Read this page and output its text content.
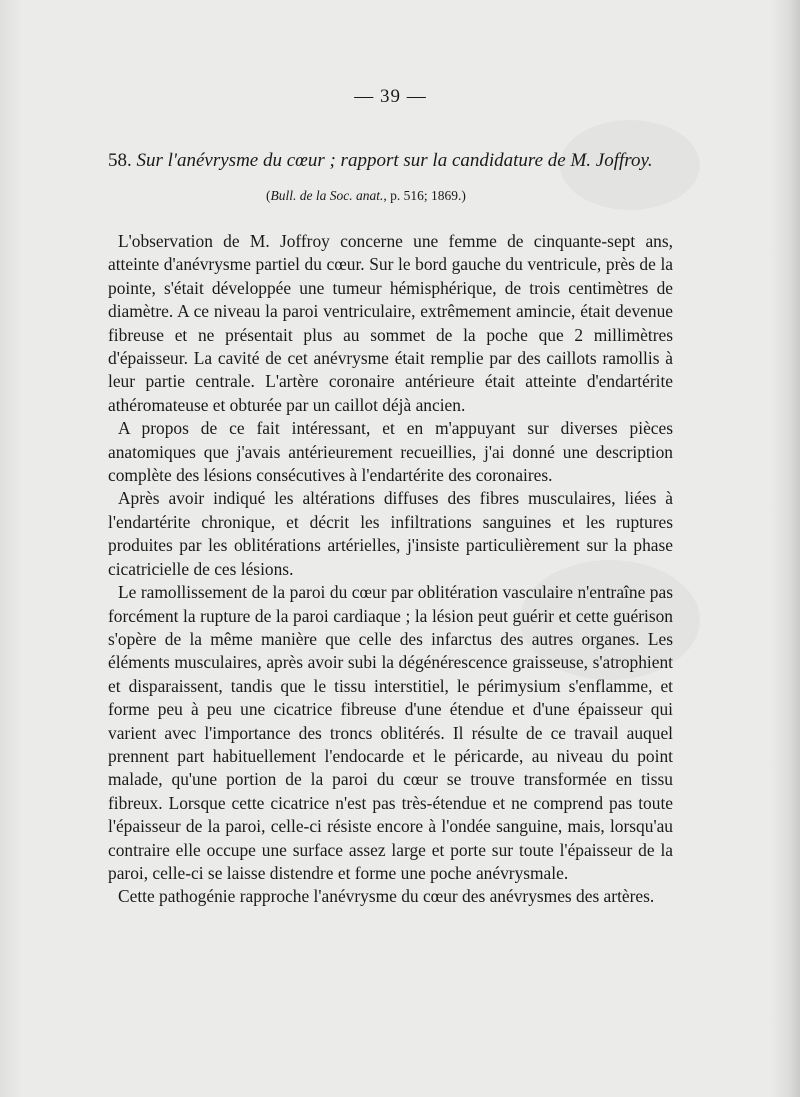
— 39 —
58. Sur l'anévrysme du cœur ; rapport sur la candidature de M. Joffroy.
(Bull. de la Soc. anat., p. 516; 1869.)

L'observation de M. Joffroy concerne une femme de cinquante-sept ans, atteinte d'anévrysme partiel du cœur. Sur le bord gauche du ventricule, près de la pointe, s'était développée une tumeur hémisphérique, de trois centimètres de diamètre. A ce niveau la paroi ventriculaire, extrêmement amincie, était devenue fibreuse et ne présentait plus au sommet de la poche que 2 millimètres d'épaisseur. La cavité de cet anévrysme était remplie par des caillots ramollis à leur partie centrale. L'artère coronaire antérieure était atteinte d'endartérite athéromateuse et obturée par un caillot déjà ancien.

A propos de ce fait intéressant, et en m'appuyant sur diverses pièces anatomiques que j'avais antérieurement recueillies, j'ai donné une description complète des lésions consécutives à l'endartérite des coronaires.

Après avoir indiqué les altérations diffuses des fibres musculaires, liées à l'endartérite chronique, et décrit les infiltrations sanguines et les ruptures produites par les oblitérations artérielles, j'insiste particulièrement sur la phase cicatricielle de ces lésions.

Le ramollissement de la paroi du cœur par oblitération vasculaire n'entraîne pas forcément la rupture de la paroi cardiaque ; la lésion peut guérir et cette guérison s'opère de la même manière que celle des infarctus des autres organes. Les éléments musculaires, après avoir subi la dégénérescence graisseuse, s'atrophient et disparaissent, tandis que le tissu interstitiel, le périmysium s'enflamme, et forme peu à peu une cicatrice fibreuse d'une étendue et d'une épaisseur qui varient avec l'importance des troncs oblitérés. Il résulte de ce travail auquel prennent part habituellement l'endocarde et le péricarde, au niveau du point malade, qu'une portion de la paroi du cœur se trouve transformée en tissu fibreux. Lorsque cette cicatrice n'est pas très-étendue et ne comprend pas toute l'épaisseur de la paroi, celle-ci résiste encore à l'ondée sanguine, mais, lorsqu'au contraire elle occupe une surface assez large et porte sur toute l'épaisseur de la paroi, celle-ci se laisse distendre et forme une poche anévrysmale.

Cette pathogénie rapproche l'anévrysme du cœur des anévrysmes des artères.
